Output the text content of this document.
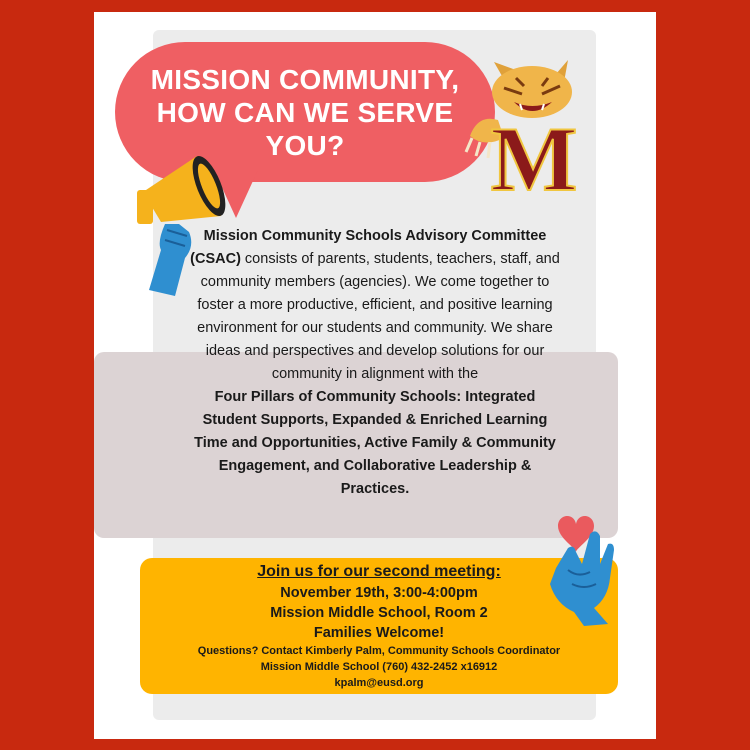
MISSION COMMUNITY,
HOW CAN WE SERVE
YOU? M
Mission Community Schools Advisory Committee (CSAC) consists of parents, students, teachers, staff, and community members (agencies). We come together to foster a more productive, efficient, and positive learning environment for our students and community. We share ideas and perspectives and develop solutions for our community in alignment with the
Four Pillars of Community Schools: Integrated Student Supports, Expanded & Enriched Learning Time and Opportunities, Active Family & Community Engagement, and Collaborative Leadership & Practices.
Join us for our second meeting:
November 19th, 3:00-4:00pm
Mission Middle School, Room 2
Families Welcome!
Questions? Contact Kimberly Palm, Community Schools Coordinator
Mission Middle School (760) 432-2452 x16912
kpalm@eusd.org
